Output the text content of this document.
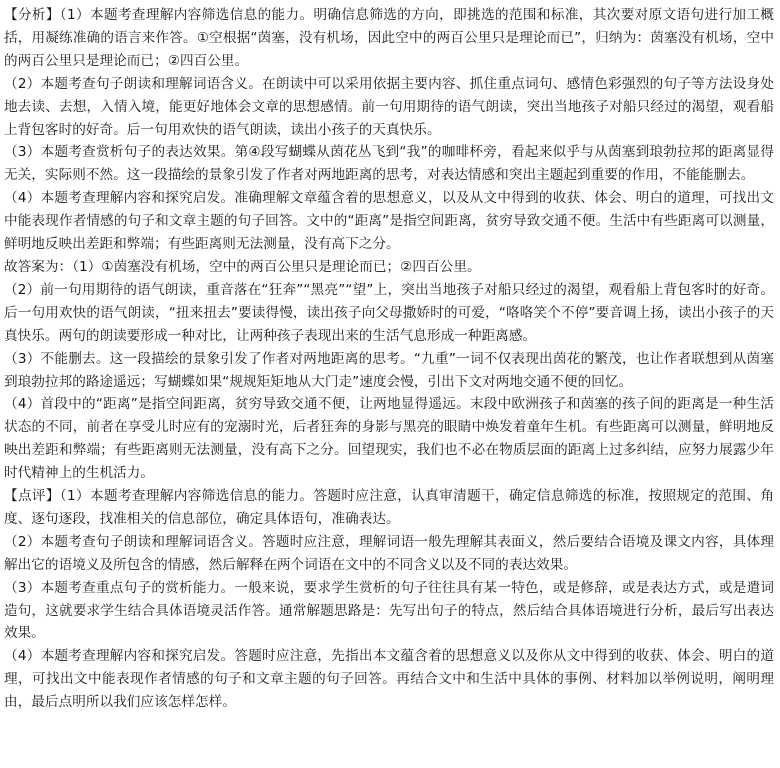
【分析】（1）本题考查理解内容筛选信息的能力。明确信息筛选的方向，即挑选的范围和标准，其次要对原文语句进行加工概括，用凝练准确的语言来作答。①空根据“茵塞，没有机场，因此空中的两百公里只是理论而已”，归纳为：茵塞没有机场，空中的两百公里只是理论而已；②四百公里。

（2）本题考查句子朗读和理解词语含义。在朗读中可以采用依据主要内容、抓住重点词句、感情色彩强烈的句子等方法设身处地去读、去想，入情入境，能更好地体会文章的思想感情。前一句用期待的语气朗读，突出当地孩子对船只经过的渴望，观看船上背包客时的好奇。后一句用欢快的语气朗读，读出小孩子的天真快乐。

（3）本题考查赏析句子的表达效果。第④段写蝴蝶从茵花丛飞到“我”的咖啡杯旁，看起来似乎与从茵塞到琅勃拉邦的距离显得无关，实际则不然。这一段描绘的景象引发了作者对两地距离的思考，对表达情感和突出主题起到重要的作用，不能能删去。

（4）本题考查理解内容和探究启发。准确理解文章蕴含着的思想意义，以及从文中得到的收获、体会、明白的道理，可找出文中能表现作者情感的句子和文章主题的句子回答。文中的“距离”是指空间距离，贫穷导致交通不便。生活中有些距离可以测量，鲜明地反映出差距和弊端；有些距离则无法测量，没有高下之分。

故答案为：（1）①茵塞没有机场，空中的两百公里只是理论而已；②四百公里。

（2）前一句用期待的语气朗读，重音落在“狂奔”“黑亮”“望”上，突出当地孩子对船只经过的渴望，观看船上背包客时的好奇。后一句用欢快的语气朗读，“扭来扭去”要读得慢，读出孩子向父母撒娇时的可爱，“咯咯笑个不停”要音调上扬，读出小孩子的天真快乐。两句的朗读要形成一种对比，让两种孩子表现出来的生活气息形成一种距离感。

（3）不能删去。这一段描绘的景象引发了作者对两地距离的思考。“九重”一词不仅表现出茵花的繁茂，也让作者联想到从茵塞到琅勃拉邦的路途遥远；写蝴蝶如果“规规矩矩地从大门走”速度会慢，引出下文对两地交通不便的回忆。

（4）首段中的“距离”是指空间距离，贫穷导致交通不便，让两地显得遥远。末段中欧洲孩子和茵塞的孩子间的距离是一种生活状态的不同，前者在享受儿时应有的宠溺时光，后者狂奔的身影与黑亮的眼睛中焕发着童年生机。有些距离可以测量，鲜明地反映出差距和弊端；有些距离则无法测量，没有高下之分。回望现实，我们也不必在物质层面的距离上过多纠结，应努力展露少年时代精神上的生机活力。

【点评】（1）本题考查理解内容筛选信息的能力。答题时应注意，认真审清题干，确定信息筛选的标准，按照规定的范围、角度、逐句逐段，找准相关的信息部位，确定具体语句，准确表达。

（2）本题考查句子朗读和理解词语含义。答题时应注意，理解词语一般先理解其表面义，然后要结合语境及课文内容，具体理解出它的语境义及所包含的情感，然后解释在两个词语在文中的不同含义以及不同的表达效果。

（3）本题考查重点句子的赏析能力。一般来说，要求学生赏析的句子往往具有某一特色，或是修辞，或是表达方式，或是遣词造句，这就要求学生结合具体语境灵活作答。通常解题思路是：先写出句子的特点，然后结合具体语境进行分析，最后写出表达效果。

（4）本题考查理解内容和探究启发。答题时应注意，先指出本文蕴含着的思想意义以及你从文中得到的收获、体会、明白的道理，可找出文中能表现作者情感的句子和文章主题的句子回答。再结合文中和生活中具体的事例、材料加以举例说明，阐明理由，最后点明所以我们应该怎样怎样。
